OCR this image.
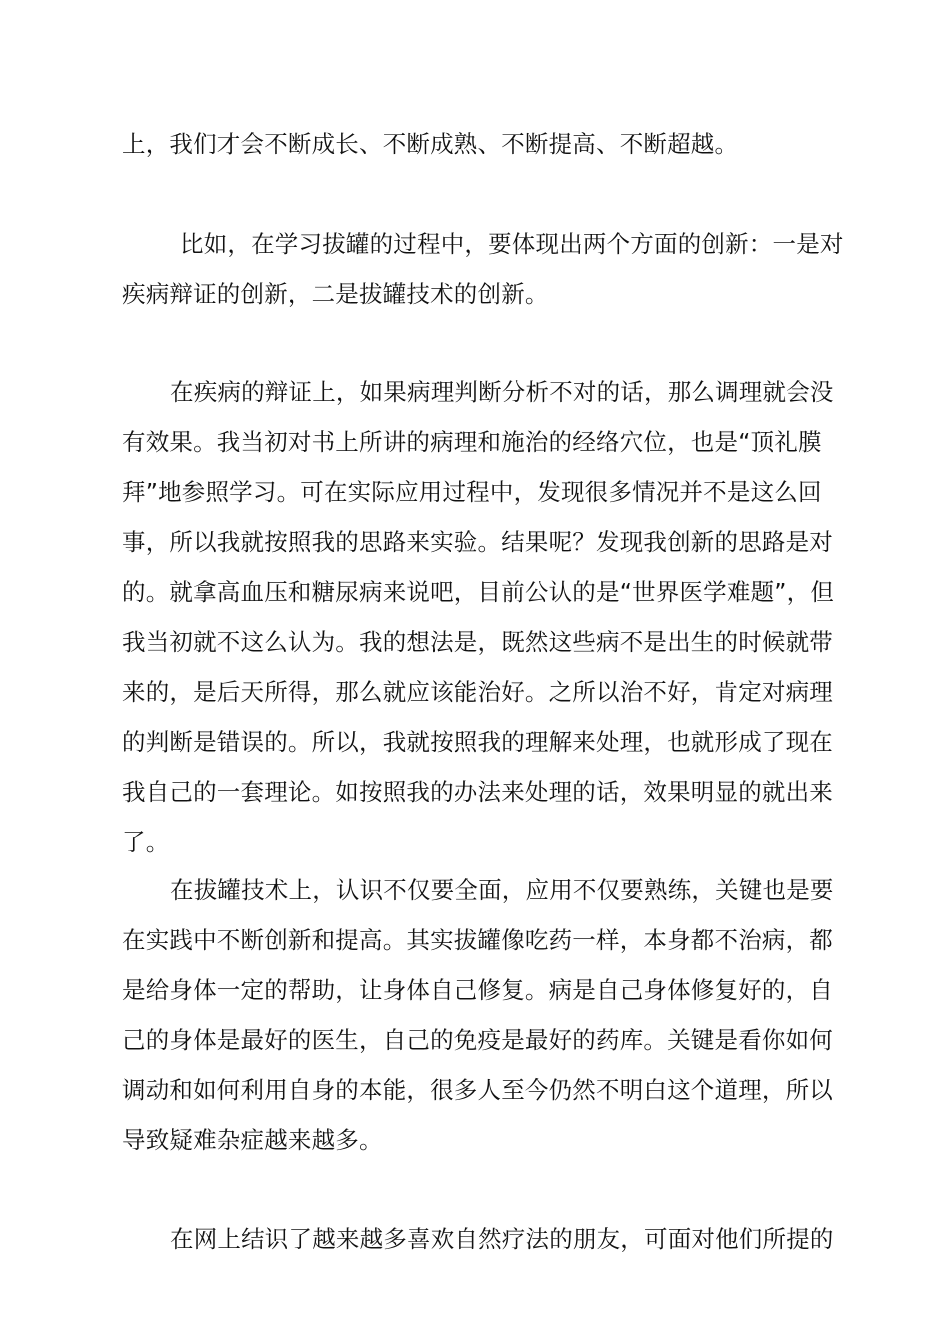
上，我们才会不断成长、不断成熟、不断提高、不断超越。
比如，在学习拔罐的过程中，要体现出两个方面的创新：一是对
疾病辩证的创新，二是拔罐技术的创新。
在疾病的辩证上，如果病理判断分析不对的话，那么调理就会没
有效果。我当初对书上所讲的病理和施治的经络穴位，也是“顶礼膜
拜”地参照学习。可在实际应用过程中，发现很多情况并不是这么回
事，所以我就按照我的思路来实验。结果呢？发现我创新的思路是对
的。就拿高血压和糖尿病来说吧，目前公认的是“世界医学难题”，但
我当初就不这么认为。我的想法是，既然这些病不是出生的时候就带
来的，是后天所得，那么就应该能治好。之所以治不好，肯定对病理
的判断是错误的。所以，我就按照我的理解来处理，也就形成了现在
我自己的一套理论。如按照我的办法来处理的话，效果明显的就出来
了。
在拔罐技术上，认识不仅要全面，应用不仅要熟练，关键也是要
在实践中不断创新和提高。其实拔罐像吃药一样，本身都不治病，都
是给身体一定的帮助，让身体自己修复。病是自己身体修复好的，自
己的身体是最好的医生，自己的免疫是最好的药库。关键是看你如何
调动和如何利用自身的本能，很多人至今仍然不明白这个道理，所以
导致疑难杂症越来越多。
在网上结识了越来越多喜欢自然疗法的朋友，可面对他们所提的
